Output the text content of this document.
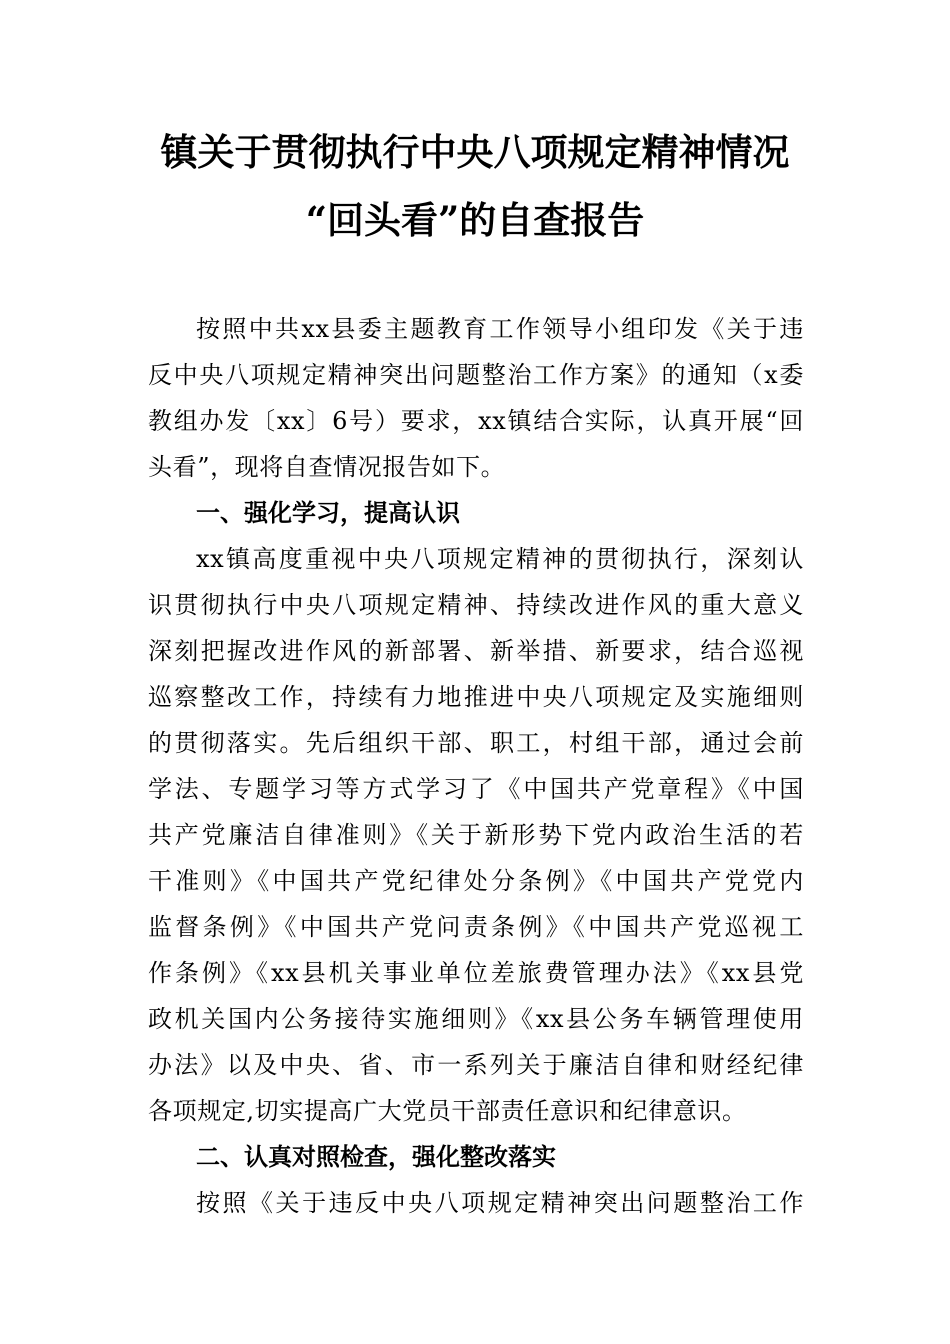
镇关于贯彻执行中央八项规定精神情况
“回头看”的自查报告
按照中共xx县委主题教育工作领导小组印发《关于违
反中央八项规定精神突出问题整治工作方案》的通知（x委
教组办发〔xx〕6号）要求，xx镇结合实际，认真开展“回
头看”，现将自查情况报告如下。
一、强化学习，提高认识
xx镇高度重视中央八项规定精神的贯彻执行，深刻认
识贯彻执行中央八项规定精神、持续改进作风的重大意义
深刻把握改进作风的新部署、新举措、新要求，结合巡视
巡察整改工作，持续有力地推进中央八项规定及实施细则
的贯彻落实。先后组织干部、职工，村组干部，通过会前
学法、专题学习等方式学习了《中国共产党章程》《中国
共产党廉洁自律准则》《关于新形势下党内政治生活的若
干准则》《中国共产党纪律处分条例》《中国共产党党内
监督条例》《中国共产党问责条例》《中国共产党巡视工
作条例》《xx县机关事业单位差旅费管理办法》《xx县党
政机关国内公务接待实施细则》《xx县公务车辆管理使用
办法》以及中央、省、市一系列关于廉洁自律和财经纪律
各项规定,切实提高广大党员干部责任意识和纪律意识。
二、认真对照检查，强化整改落实
按照《关于违反中央八项规定精神突出问题整治工作
